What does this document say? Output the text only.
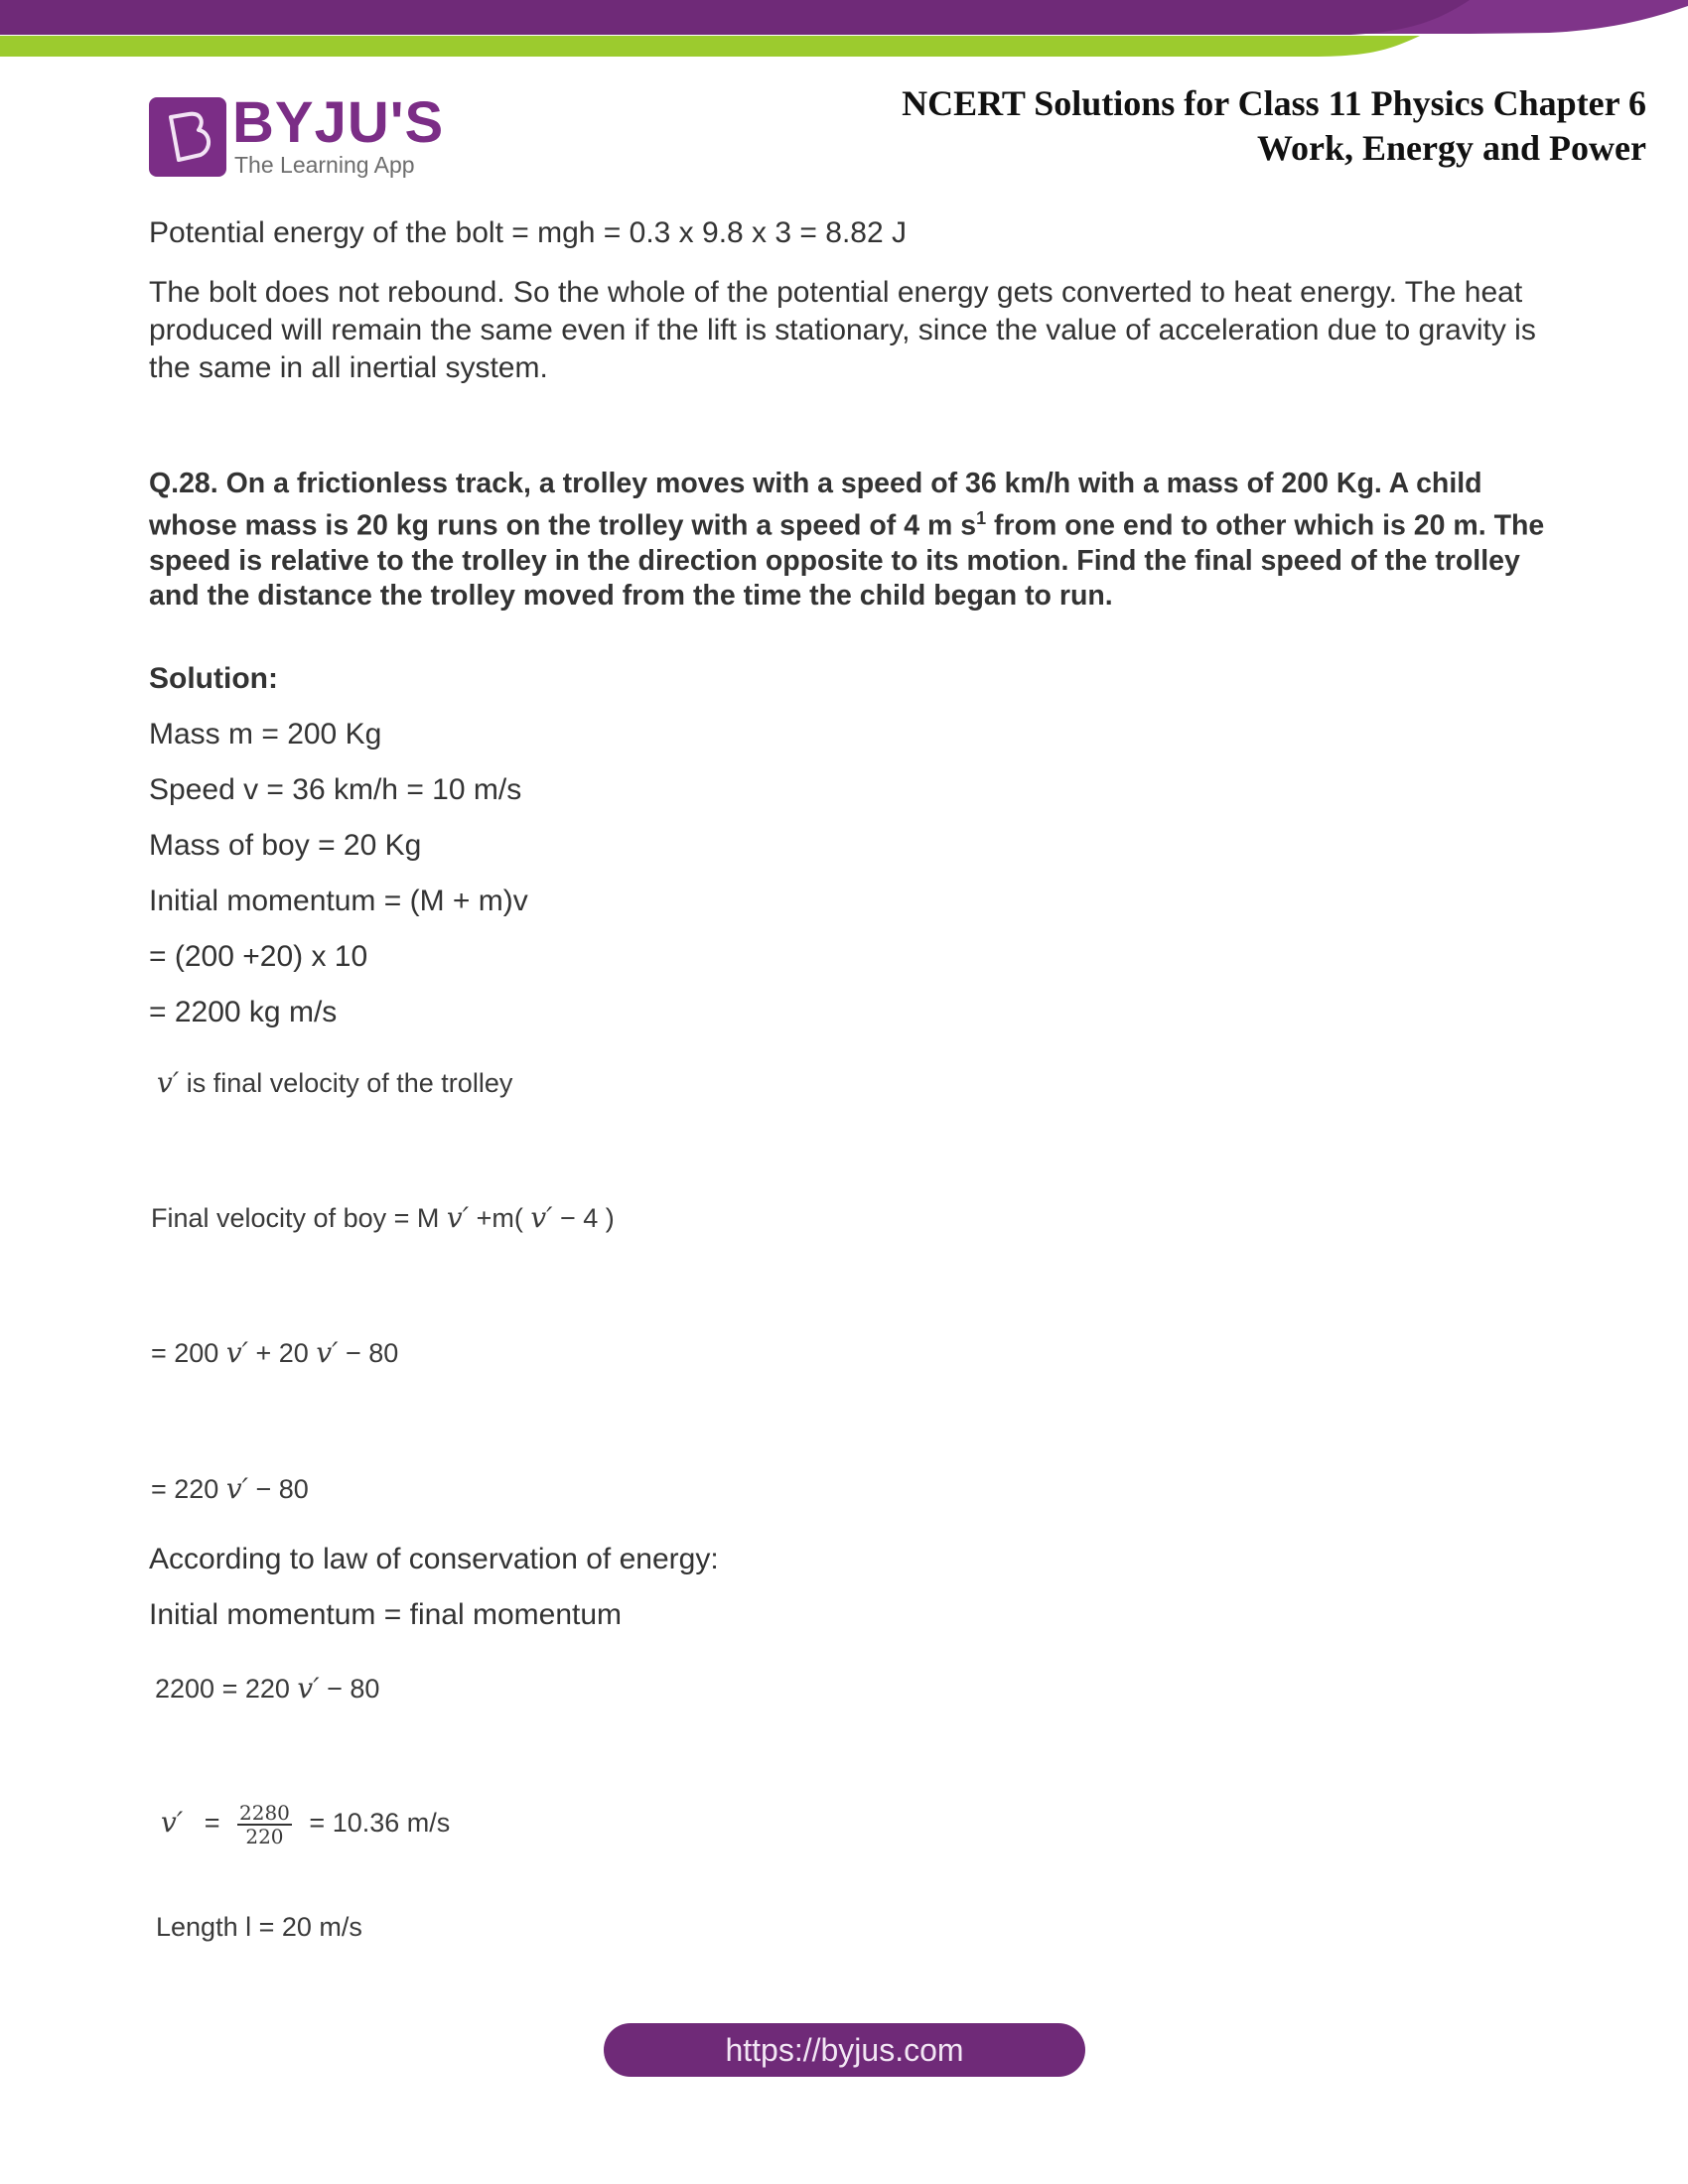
BYJU'S
The Learning App
NCERT Solutions for Class 11 Physics Chapter 6
Work, Energy and Power
Potential energy of the bolt = mgh = 0.3 x 9.8 x 3 = 8.82 J
The bolt does not rebound. So the whole of the potential energy gets converted to heat energy. The heat produced will remain the same even if the lift is stationary, since the value of acceleration due to gravity is the same in all inertial system.
Q.28. On a frictionless track, a trolley moves with a speed of 36 km/h with a mass of 200 Kg. A child whose mass is 20 kg runs on the trolley with a speed of 4 m $s^1$ from one end to other which is 20 m. The speed is relative to the trolley in the direction opposite to its motion. Find the final speed of the trolley and the distance the trolley moved from the time the child began to run.
Solution:
Mass m = 200 Kg
Speed v = 36 km/h = 10 m/s
Mass of boy = 20 Kg
Initial momentum = (M + m)v
= (200 +20) x 10
= 2200 kg m/s
v′ is final velocity of the trolley
Final velocity of boy = M v′ +m( v′ − 4 )
= 200 v′ + 20 v′ − 80
= 220 v′ − 80
According to law of conservation of energy:
Initial momentum = final momentum
2200 = 220 v′ − 80
$v' = \frac{2280}{220} = 10.36$ m/s
Length l = 20 m/s
https://byjus.com
